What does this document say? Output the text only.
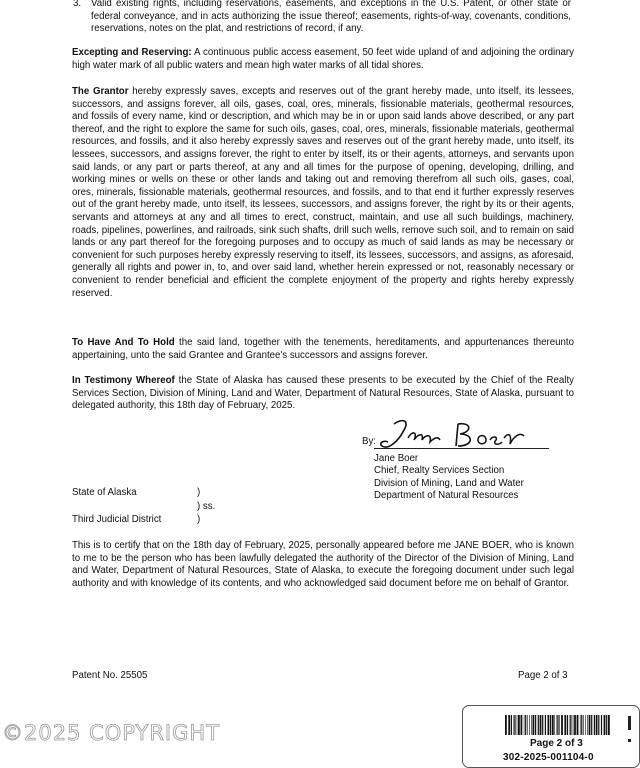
3. Valid existing rights, including reservations, easements, and exceptions in the U.S. Patent, or other state or federal conveyance, and in acts authorizing the issue thereof; easements, rights-of-way, covenants, conditions, reservations, notes on the plat, and restrictions of record, if any.

Excepting and Reserving: A continuous public access easement, 50 feet wide upland of and adjoining the ordinary high water mark of all public waters and mean high water marks of all tidal shores.

The Grantor hereby expressly saves, excepts and reserves out of the grant hereby made, unto itself, its lessees, successors, and assigns forever, all oils, gases, coal, ores, minerals, fissionable materials, geothermal resources, and fossils of every name, kind or description, and which may be in or upon said lands above described, or any part thereof, and the right to explore the same for such oils, gases, coal, ores, minerals, fissionable materials, geothermal resources, and fossils, and it also hereby expressly saves and reserves out of the grant hereby made, unto itself, its lessees, successors, and assigns forever, the right to enter by itself, its or their agents, attorneys, and servants upon said lands, or any part or parts thereof, at any and all times for the purpose of opening, developing, drilling, and working mines or wells on these or other lands and taking out and removing therefrom all such oils, gases, coal, ores, minerals, fissionable materials, geothermal resources, and fossils, and to that end it further expressly reserves out of the grant hereby made, unto itself, its lessees, successors, and assigns forever, the right by its or their agents, servants and attorneys at any and all times to erect, construct, maintain, and use all such buildings, machinery, roads, pipelines, powerlines, and railroads, sink such shafts, drill such wells, remove such soil, and to remain on said lands or any part thereof for the foregoing purposes and to occupy as much of said lands as may be necessary or convenient for such purposes hereby expressly reserving to itself, its lessees, successors, and assigns, as aforesaid, generally all rights and power in, to, and over said land, whether herein expressed or not, reasonably necessary or convenient to render beneficial and efficient the complete enjoyment of the property and rights hereby expressly reserved.

To Have And To Hold the said land, together with the tenements, hereditaments, and appurtenances thereunto appertaining, unto the said Grantee and Grantee's successors and assigns forever.

In Testimony Whereof the State of Alaska has caused these presents to be executed by the Chief of the Realty Services Section, Division of Mining, Land and Water, Department of Natural Resources, State of Alaska, pursuant to delegated authority, this 18th day of February, 2025.

By:
Jane Boer
Chief, Realty Services Section
Division of Mining, Land and Water
Department of Natural Resources
State of Alaska	)
) ss.
Third Judicial District	)

This is to certify that on the 18th day of February, 2025, personally appeared before me JANE BOER, who is known to me to be the person who has been lawfully delegated the authority of the Director of the Division of Mining, Land and Water, Department of Natural Resources, State of Alaska, to execute the foregoing document under such legal authority and with knowledge of its contents, and who acknowledged said document before me on behalf of Grantor.

Patent No. 25505	Page 2 of 3
©2025 COPYRIGHT	Page 2 of 3
302-2025-001104-0
